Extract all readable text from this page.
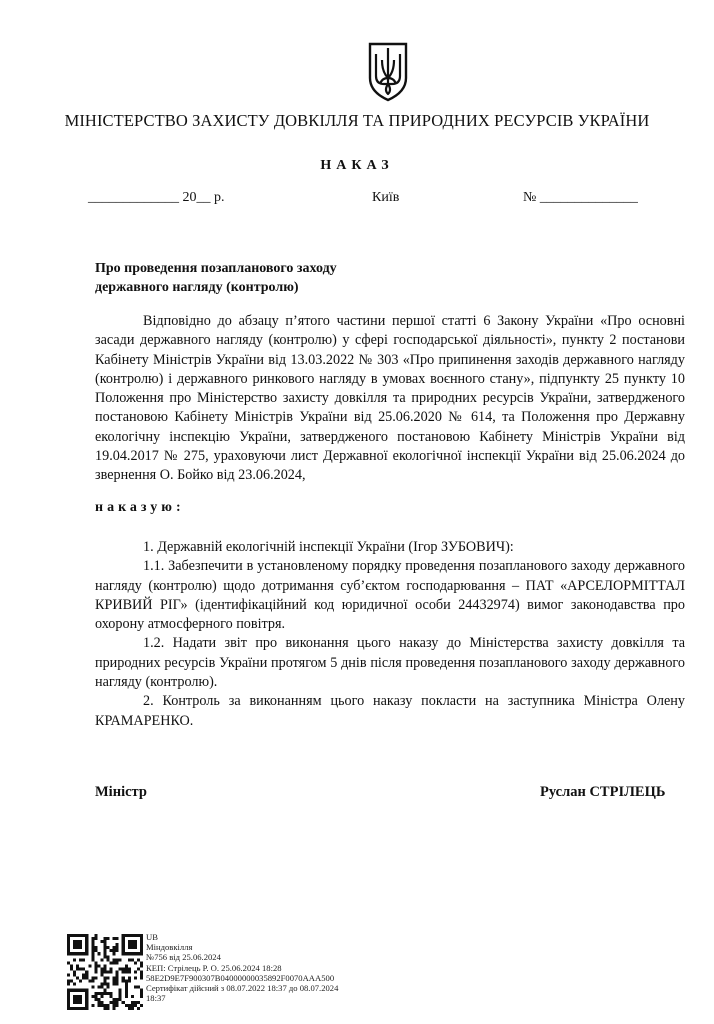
МІНІСТЕРСТВО ЗАХИСТУ ДОВКІЛЛЯ ТА ПРИРОДНИХ РЕСУРСІВ УКРАЇНИ
НАКАЗ
_____________ 20__ р.	Київ	№ ______________
Про проведення позапланового заходу
державного нагляду (контролю)

Відповідно до абзацу п’ятого частини першої статті 6 Закону України «Про основні засади державного нагляду (контролю) у сфері господарської діяльності», пункту 2 постанови Кабінету Міністрів України від 13.03.2022 № 303 «Про припинення заходів державного нагляду (контролю) і державного ринкового нагляду в умовах воєнного стану», підпункту 25 пункту 10 Положення про Міністерство захисту довкілля та природних ресурсів України, затвердженого постановою Кабінету Міністрів України від 25.06.2020 № 614, та Положення про Державну екологічну інспекцію України, затвердженого постановою Кабінету Міністрів України від 19.04.2017 № 275, ураховуючи лист Державної екологічної інспекції України від 25.06.2024 до звернення О. Бойко від 23.06.2024,

наказую:

1. Державній екологічній інспекції України (Ігор ЗУБОВИЧ):

1.1. Забезпечити в установленому порядку проведення позапланового заходу державного нагляду (контролю) щодо дотримання суб’єктом господарювання – ПАТ «АРСЕЛОРМІТТАЛ КРИВИЙ РІГ» (ідентифікаційний код юридичної особи 24432974) вимог законодавства про охорону атмосферного повітря.

1.2. Надати звіт про виконання цього наказу до Міністерства захисту довкілля та природних ресурсів України протягом 5 днів після проведення позапланового заходу державного нагляду (контролю).

2. Контроль за виконанням цього наказу покласти на заступника Міністра Олену КРАМАРЕНКО.

Міністр	Руслан СТРІЛЕЦЬ
UB
Міндовкілля
№756 від 25.06.2024
КЕП: Стрілець Р. О. 25.06.2024 18:28
58E2D9E7F900307B04000000035892F0070AAA500
Сертифікат дійсний з 08.07.2022 18:37 до 08.07.2024
18:37
